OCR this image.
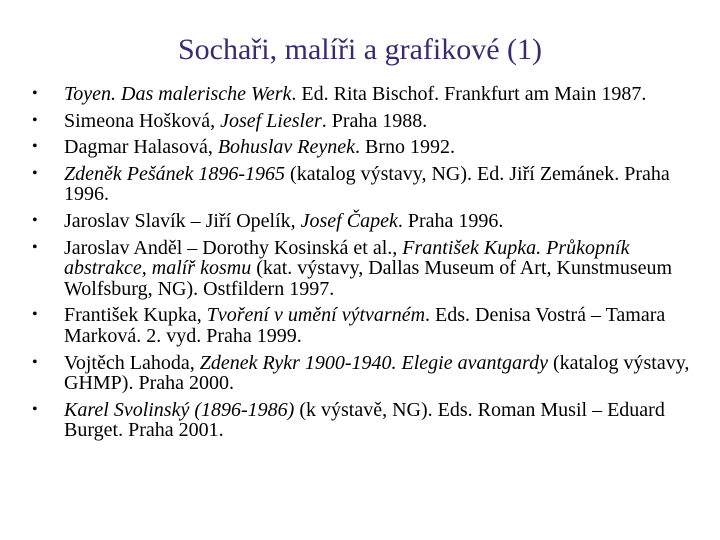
Sochaři, malíři a grafikové (1)
•	Toyen. Das malerische Werk. Ed. Rita Bischof. Frankfurt am Main 1987.
•	Simeona Hošková, Josef Liesler. Praha 1988.
•	Dagmar Halasová, Bohuslav Reynek. Brno 1992.
•	Zdeněk Pešánek 1896-1965 (katalog výstavy, NG). Ed. Jiří Zemánek. Praha 1996.
•	Jaroslav Slavík – Jiří Opelík, Josef Čapek. Praha 1996.
•	Jaroslav Anděl – Dorothy Kosinská et al., František Kupka. Průkopník abstrakce, malíř kosmu (kat. výstavy, Dallas Museum of Art, Kunstmuseum Wolfsburg, NG). Ostfildern 1997.
•	František Kupka, Tvoření v umění výtvarném. Eds. Denisa Vostrá – Tamara Marková. 2. vyd. Praha 1999.
•	Vojtěch Lahoda, Zdenek Rykr 1900-1940. Elegie avantgardy (katalog výstavy, GHMP). Praha 2000.
•	Karel Svolinský (1896-1986) (k výstavě, NG). Eds. Roman Musil – Eduard Burget. Praha 2001.
